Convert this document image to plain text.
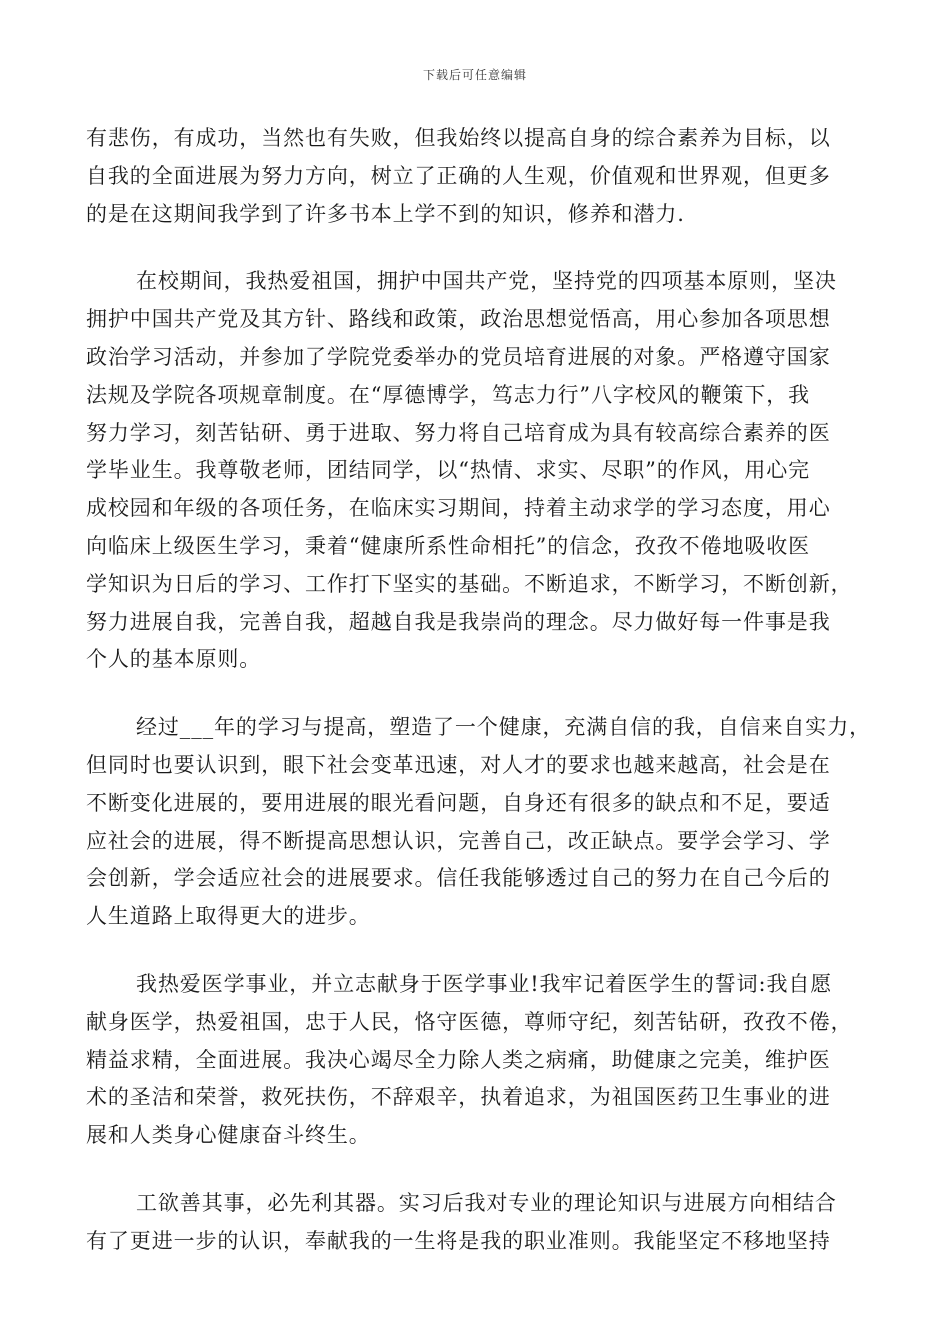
下载后可任意编辑

有悲伤，有成功，当然也有失败，但我始终以提高自身的综合素养为目标，以
自我的全面进展为努力方向，树立了正确的人生观，价值观和世界观，但更多
的是在这期间我学到了许多书本上学不到的知识，修养和潜力.

在校期间，我热爱祖国，拥护中国共产党，坚持党的四项基本原则，坚决
拥护中国共产党及其方针、路线和政策，政治思想觉悟高，用心参加各项思想
政治学习活动，并参加了学院党委举办的党员培育进展的对象。严格遵守国家
法规及学院各项规章制度。在“厚德博学，笃志力行”八字校风的鞭策下，我
努力学习，刻苦钻研、勇于进取、努力将自己培育成为具有较高综合素养的医
学毕业生。我尊敬老师，团结同学，以“热情、求实、尽职”的作风，用心完
成校园和年级的各项任务，在临床实习期间，持着主动求学的学习态度，用心
向临床上级医生学习，秉着“健康所系性命相托”的信念，孜孜不倦地吸收医
学知识为日后的学习、工作打下坚实的基础。不断追求，不断学习，不断创新，
努力进展自我，完善自我，超越自我是我崇尚的理念。尽力做好每一件事是我
个人的基本原则。

经过___年的学习与提高，塑造了一个健康，充满自信的我，自信来自实力，
但同时也要认识到，眼下社会变革迅速，对人才的要求也越来越高，社会是在
不断变化进展的，要用进展的眼光看问题，自身还有很多的缺点和不足，要适
应社会的进展，得不断提高思想认识，完善自己，改正缺点。要学会学习、学
会创新，学会适应社会的进展要求。信任我能够透过自己的努力在自己今后的
人生道路上取得更大的进步。

我热爱医学事业，并立志献身于医学事业!我牢记着医学生的誓词:我自愿
献身医学，热爱祖国，忠于人民，恪守医德，尊师守纪，刻苦钻研，孜孜不倦，
精益求精，全面进展。我决心竭尽全力除人类之病痛，助健康之完美，维护医
术的圣洁和荣誉，救死扶伤，不辞艰辛，执着追求，为祖国医药卫生事业的进
展和人类身心健康奋斗终生。

工欲善其事，必先利其器。实习后我对专业的理论知识与进展方向相结合
有了更进一步的认识，奉献我的一生将是我的职业准则。我能坚定不移地坚持
